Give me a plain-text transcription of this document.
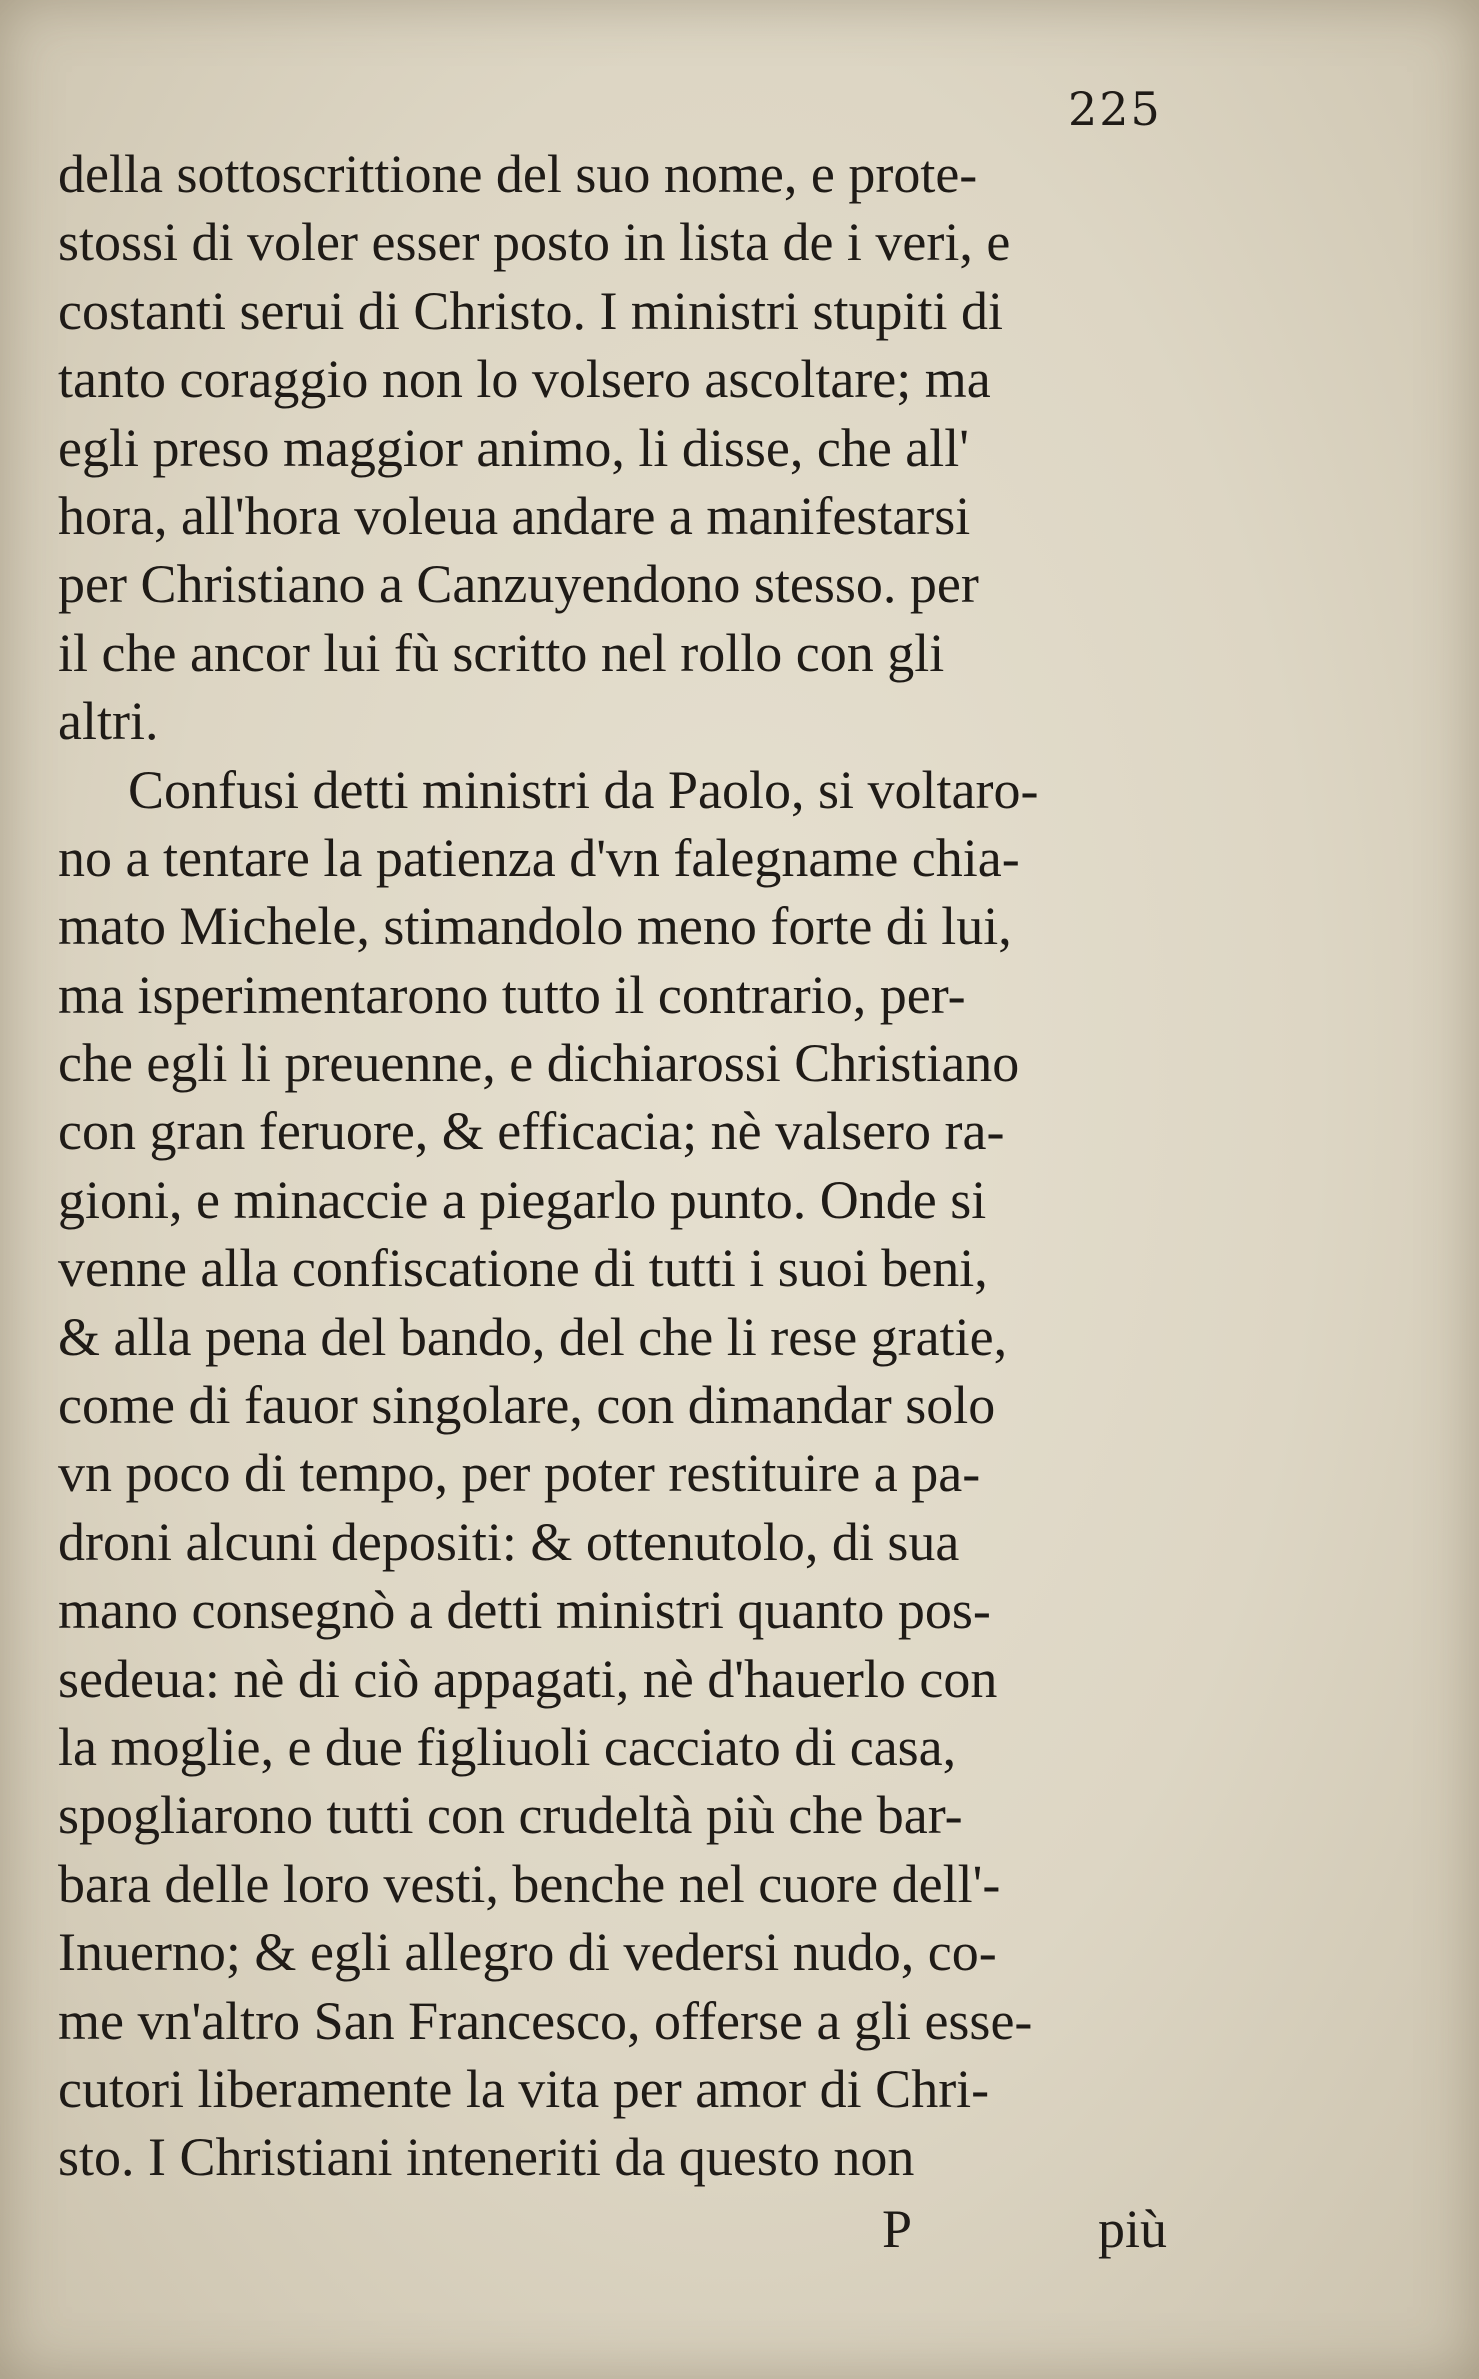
225
della sottoscrittione del suo nome, e prote-
stossi di voler esser posto in lista de i veri, e
costanti serui di Christo. I ministri stupiti di
tanto coraggio non lo volsero ascoltare; ma
egli preso maggior animo, li disse, che all'
hora, all'hora voleua andare a manifestarsi
per Christiano a Canzuyendono stesso. per
il che ancor lui fù scritto nel rollo con gli
altri.
Confusi detti ministri da Paolo, si voltaro-
no a tentare la patienza d'vn falegname chia-
mato Michele, stimandolo meno forte di lui,
ma isperimentarono tutto il contrario, per-
che egli li preuenne, e dichiarossi Christiano
con gran feruore, & efficacia; nè valsero ra-
gioni, e minaccie a piegarlo punto. Onde si
venne alla confiscatione di tutti i suoi beni,
& alla pena del bando, del che li rese gratie,
come di fauor singolare, con dimandar solo
vn poco di tempo, per poter restituire a pa-
droni alcuni depositi: & ottenutolo, di sua
mano consegnò a detti ministri quanto pos-
sedeua: nè di ciò appagati, nè d'hauerlo con
la moglie, e due figliuoli cacciato di casa,
spogliarono tutti con crudeltà più che bar-
bara delle loro vesti, benche nel cuore dell'-
Inuerno; & egli allegro di vedersi nudo, co-
me vn'altro San Francesco, offerse a gli esse-
cutori liberamente la vita per amor di Chri-
sto. I Christiani inteneriti da questo non
P	più
